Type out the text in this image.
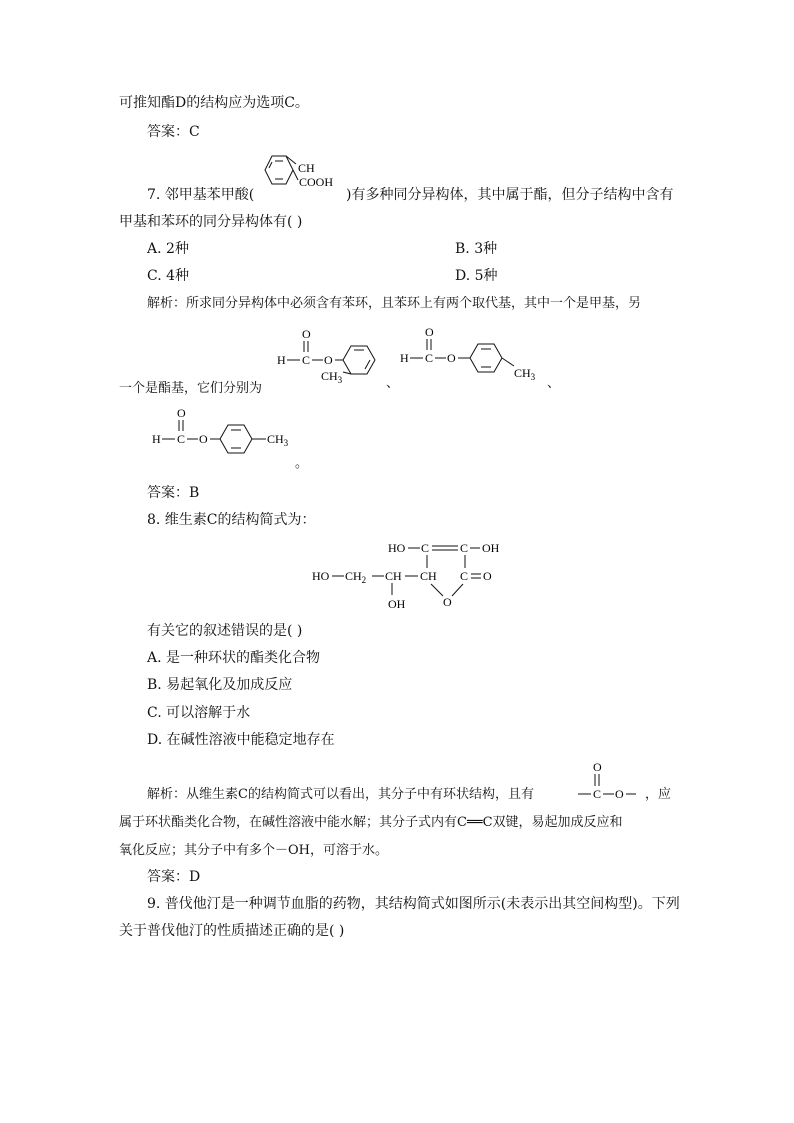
可推知酯D的结构应为选项C。
答案：C
7. 邻甲基苯甲酸(
CH
COOH
)有多种同分异构体，其中属于酯，但分子结构中含有
甲基和苯环的同分异构体有( )
A. 2种	B. 3种
C. 4种	D. 5种
解析：所求同分异构体中必须含有苯环，且苯环上有两个取代基，其中一个是甲基，另
O
H C O
$CH_3$	、
O
H C O
$CH_3$ 、
一个是酯基，它们分别为
O
H C O	$CH_3$
。
答案：B
8. 维生素C的结构简式为：
HO C	C OH
HO $CH_2$ CH CH C O
OH	O
有关它的叙述错误的是( )
A. 是一种环状的酯类化合物
B. 易起氧化及加成反应
C. 可以溶解于水
D. 在碱性溶液中能稳定地存在
解析：从维生素C的结构简式可以看出，其分子中有环状结构，且有
O
C O ，应
属于环状酯类化合物，在碱性溶液中能水解；其分子式内有C══C双键，易起加成反应和
氧化反应；其分子中有多个－OH，可溶于水。
答案：D
9. 普伐他汀是一种调节血脂的药物，其结构简式如图所示(未表示出其空间构型)。下列
关于普伐他汀的性质描述正确的是( )
